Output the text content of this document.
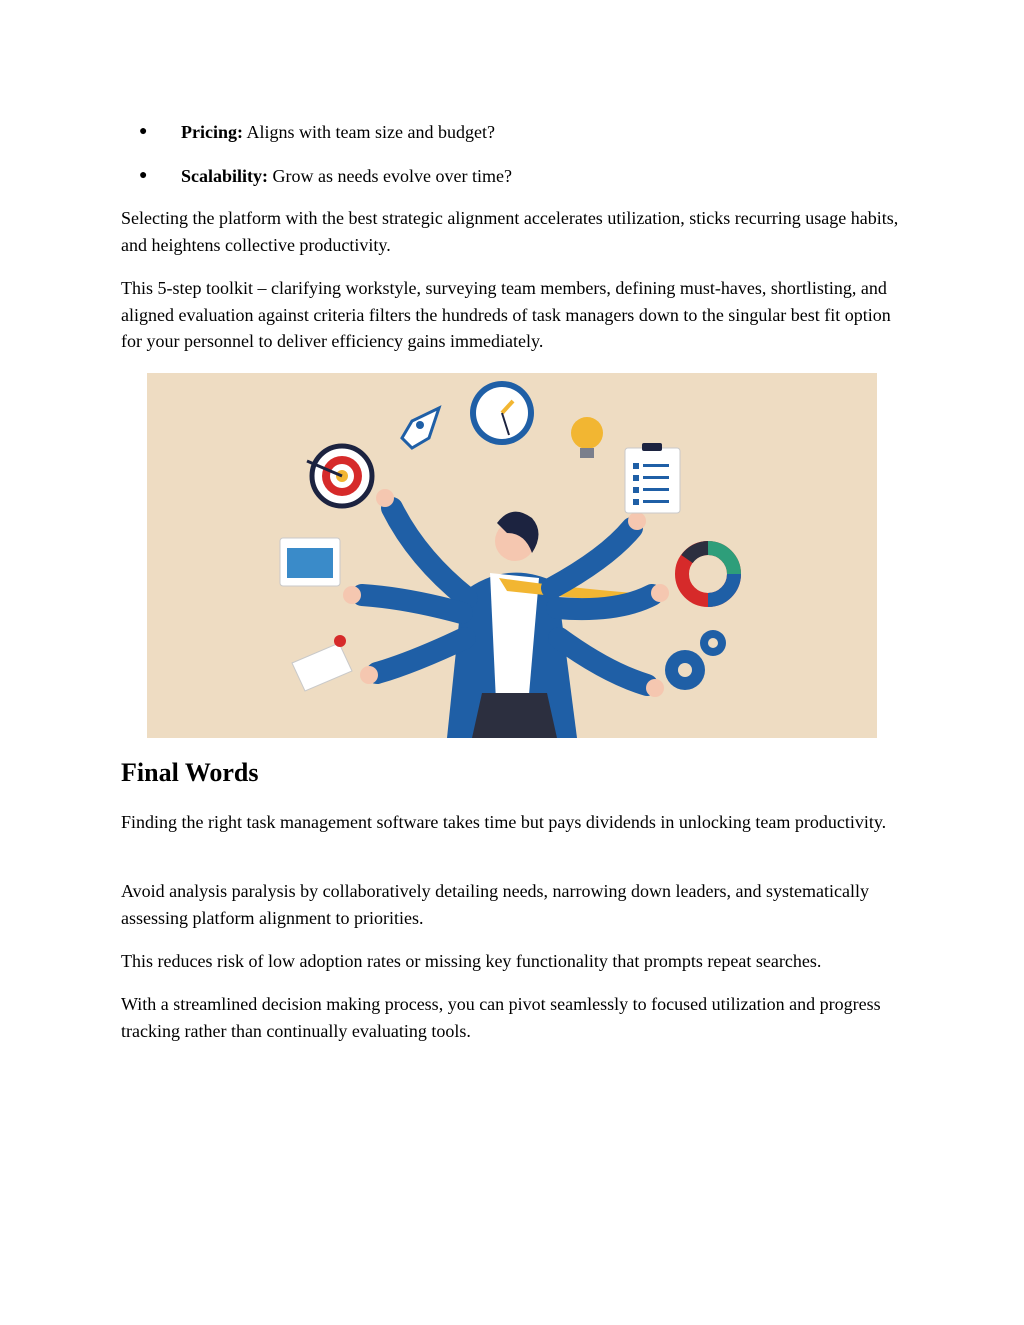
● Pricing: Aligns with team size and budget?
● Scalability: Grow as needs evolve over time?

Selecting the platform with the best strategic alignment accelerates utilization, sticks recurring usage habits, and heightens collective productivity.

This 5-step toolkit – clarifying workstyle, surveying team members, defining must-haves, shortlisting, and aligned evaluation against criteria filters the hundreds of task managers down to the singular best fit option for your personnel to deliver efficiency gains immediately.

Final Words

Finding the right task management software takes time but pays dividends in unlocking team productivity.

Avoid analysis paralysis by collaboratively detailing needs, narrowing down leaders, and systematically assessing platform alignment to priorities.

This reduces risk of low adoption rates or missing key functionality that prompts repeat searches.

With a streamlined decision making process, you can pivot seamlessly to focused utilization and progress tracking rather than continually evaluating tools.
